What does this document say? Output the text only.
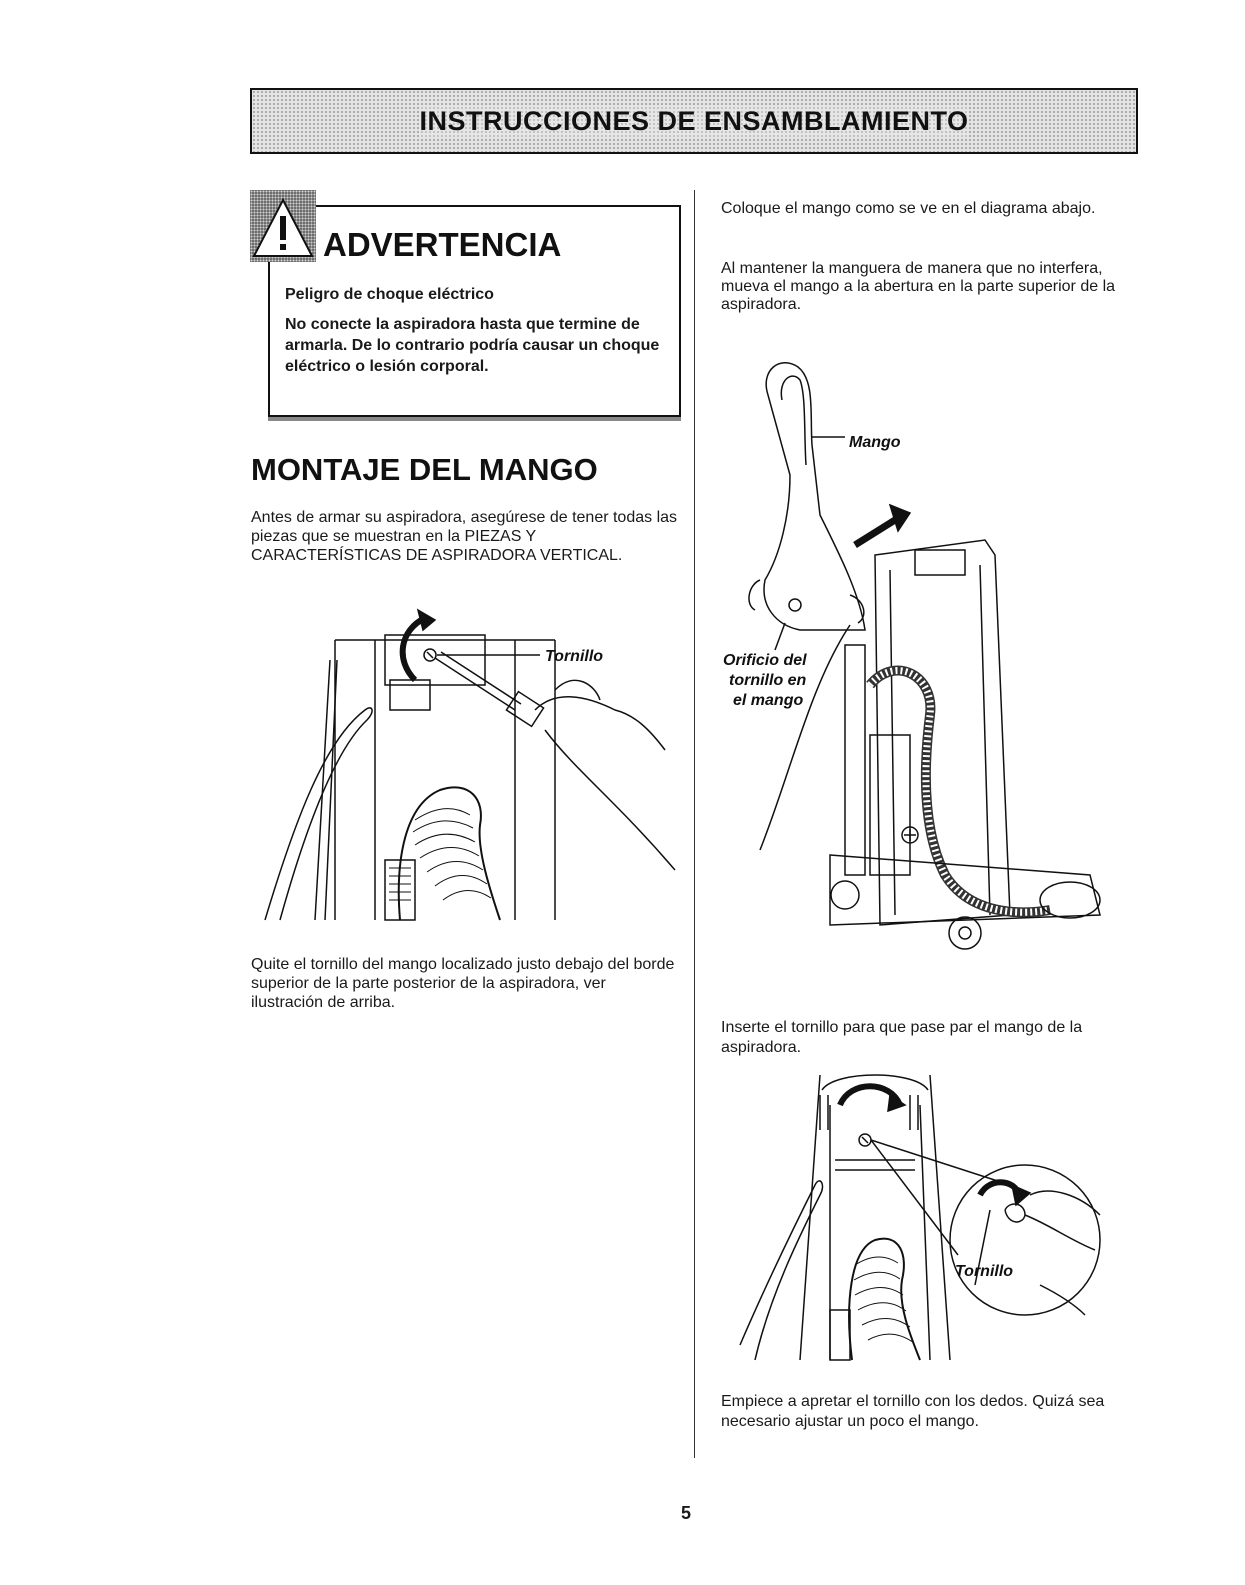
INSTRUCCIONES DE ENSAMBLAMIENTO
ADVERTENCIA
Peligro de choque eléctrico
No conecte la aspiradora hasta que termine de armarla. De lo contrario podría causar un choque eléctrico o lesión corporal.
MONTAJE DEL MANGO
Antes de armar su aspiradora, asegúrese de tener todas las piezas que se muestran en la PIEZAS Y CARACTERÍSTICAS DE ASPIRADORA VERTICAL.
Tornillo
Quite el tornillo del mango localizado justo debajo del borde superior de la parte posterior de la aspiradora, ver ilustración de arriba.
Coloque el mango como se ve en el diagrama abajo.
Al mantener la manguera de manera que no interfera, mueva el mango a la abertura en la parte superior de la aspiradora.
Mango
Orificio del
tornillo en
el mango
Inserte el tornillo para que pase par el mango de la aspiradora.
Tornillo
Empiece a apretar el tornillo con los dedos. Quizá sea necesario ajustar un poco el mango.
5
